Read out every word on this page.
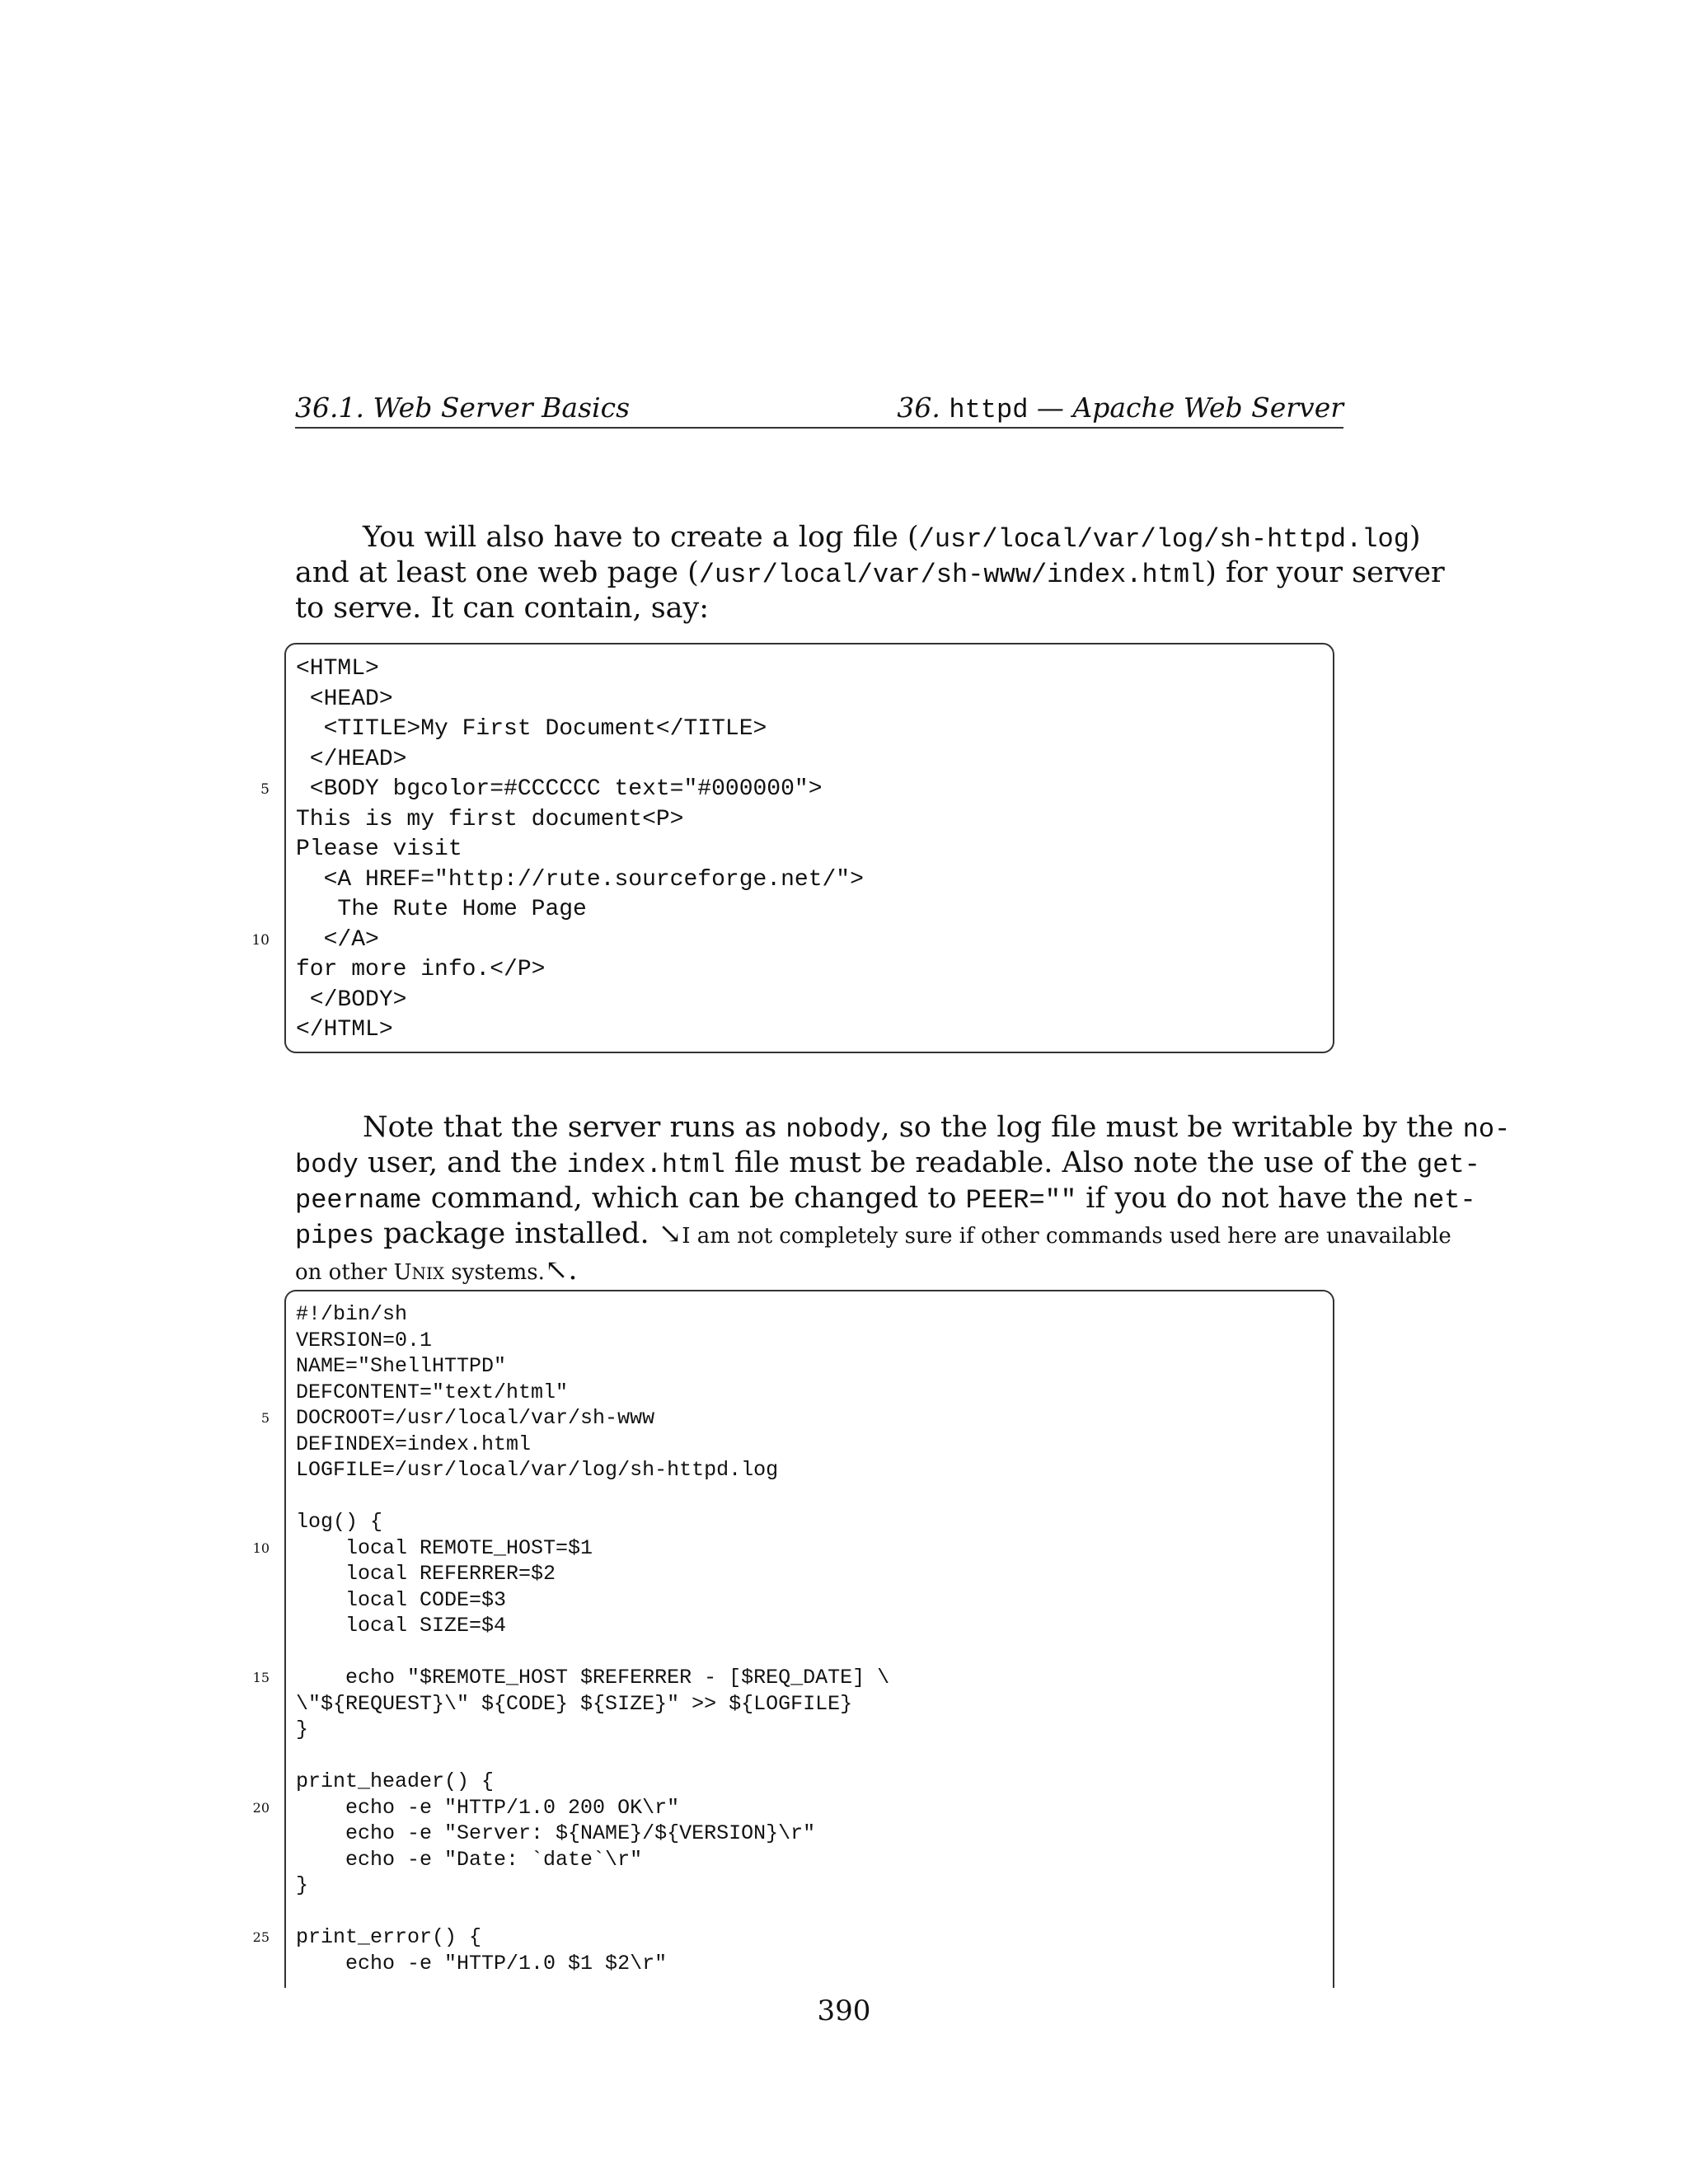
36.1. Web Server Basics	36. httpd — Apache Web Server
You will also have to create a log file (/usr/local/var/log/sh-httpd.log)
and at least one web page (/usr/local/var/sh-www/index.html) for your server
to serve. It can contain, say:
<HTML>
<HEAD>
<TITLE>My First Document</TITLE>
</HEAD>
5 <BODY bgcolor=#CCCCCC text="#000000">
This is my first document<P>
Please visit
<A HREF="http://rute.sourceforge.net/">
The Rute Home Page
10 </A>
for more info.</P>
</BODY>
</HTML>
Note that the server runs as nobody, so the log file must be writable by the no-
body user, and the index.html file must be readable. Also note the use of the get-
peername command, which can be changed to PEER="" if you do not have the net-
pipes package installed. ↘I am not completely sure if other commands used here are unavailable
on other UNIX systems.↖.
#!/bin/sh
VERSION=0.1
NAME="ShellHTTPD"
DEFCONTENT="text/html"
5 DOCROOT=/usr/local/var/sh-www
DEFINDEX=index.html
LOGFILE=/usr/local/var/log/sh-httpd.log
log() {
10 local REMOTE_HOST=$1
local REFERRER=$2
local CODE=$3
local SIZE=$4
15 echo "$REMOTE_HOST $REFERRER - [$REQ_DATE] \
\"${REQUEST}\" ${CODE} ${SIZE}" >> ${LOGFILE}
}
print_header() {
20 echo -e "HTTP/1.0 200 OK\r"
echo -e "Server: ${NAME}/${VERSION}\r"
echo -e "Date: `date`\r"
}
25 print_error() {
echo -e "HTTP/1.0 $1 $2\r"
390
